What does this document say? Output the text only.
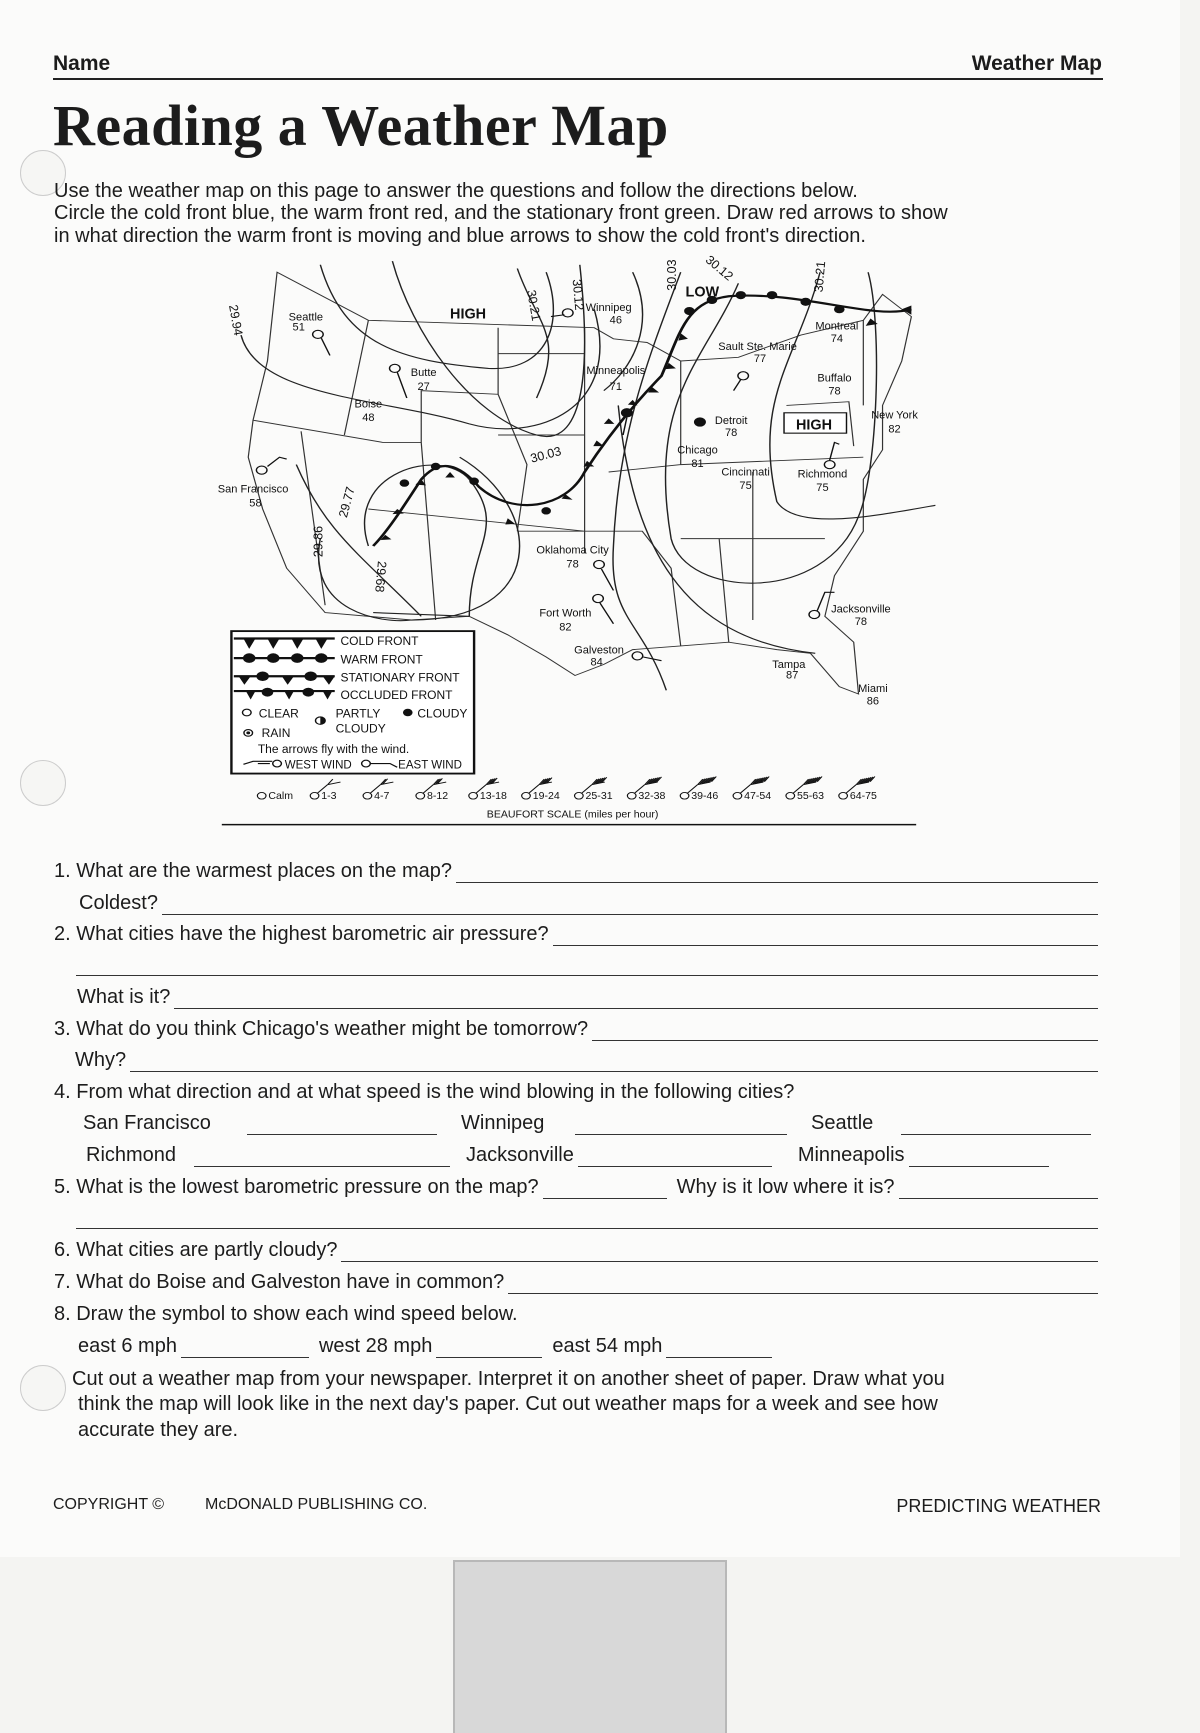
Name	Weather Map
Reading a Weather Map
Use the weather map on this page to answer the questions and follow the directions below.
Circle the cold front blue, the warm front red, and the stationary front green. Draw red arrows to show
in what direction the warm front is moving and blue arrows to show the cold front's direction.
29.94	30.21 30.12
30.03 30.12	30.21
30.03
29.77
29.86
29.68
HIGH
LOW
HIGH
Seattle
51
Winnipeg
46
Butte
27
Boise
48
San Francisco
58
Minneapolis
71
Sault Ste. Marie
77
Montreal
74
Buffalo
78
New York
82
Detroit
78
Chicago
81
Cincinnati
75
Richmond
75
Oklahoma City
78
Fort Worth
82
Galveston
84	Tampa
87
Jacksonville
78
Miami
86
COLD FRONT
WARM FRONT
STATIONARY FRONT
OCCLUDED FRONT
CLEAR
RAIN
PARTLY
CLOUDY
CLOUDY
The arrows fly with the wind.
WEST WIND EAST WIND
Calm 1-3 4-7 8-12 13-18 19-24 25-31 32-38 39-46 47-54 55-63 64-75
BEAUFORT SCALE (miles per hour)
1. What are the warmest places on the map?
Coldest?
2. What cities have the highest barometric air pressure?
What is it?
3. What do you think Chicago's weather might be tomorrow?
Why?
4. From what direction and at what speed is the wind blowing in the following cities?
San Francisco	Winnipeg	Seattle
Richmond	Jacksonville	Minneapolis
5. What is the lowest barometric pressure on the map?	Why is it low where it is?
6. What cities are partly cloudy?
7. What do Boise and Galveston have in common?
8. Draw the symbol to show each wind speed below.
east 6 mph	west 28 mph	east 54 mph
Cut out a weather map from your newspaper. Interpret it on another sheet of paper. Draw what you
think the map will look like in the next day's paper. Cut out weather maps for a week and see how
accurate they are.
COPYRIGHT ©	McDONALD PUBLISHING CO.	PREDICTING WEATHER
